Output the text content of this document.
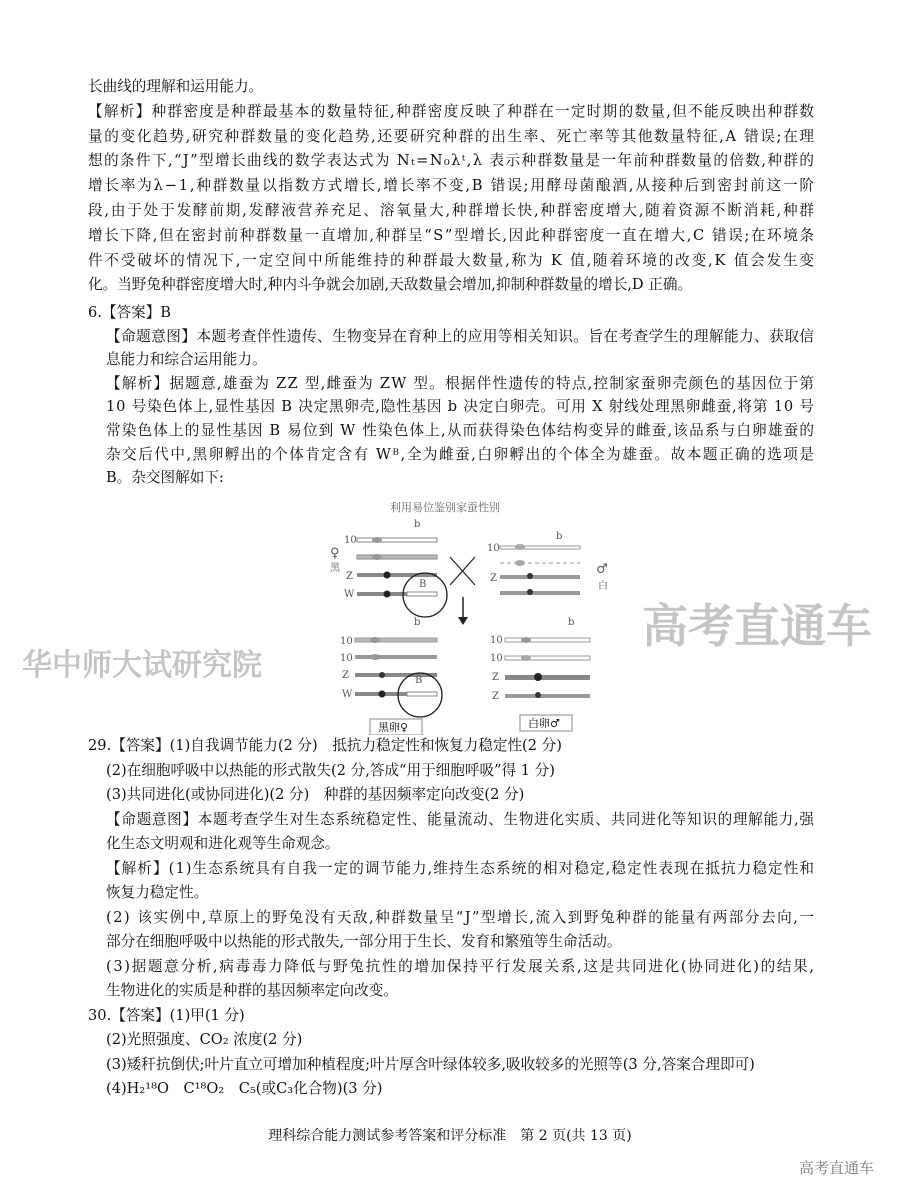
长曲线的理解和运用能力。
【解析】种群密度是种群最基本的数量特征,种群密度反映了种群在一定时期的数量,但不能反映出种群数
量的变化趋势,研究种群数量的变化趋势,还要研究种群的出生率、死亡率等其他数量特征,A 错误;在理
想的条件下,“J”型增长曲线的数学表达式为 Nₜ=N₀λᵗ,λ 表示种群数量是一年前种群数量的倍数,种群的
增长率为λ−1,种群数量以指数方式增长,增长率不变,B 错误;用酵母菌酿酒,从接种后到密封前这一阶
段,由于处于发酵前期,发酵液营养充足、溶氧量大,种群增长快,种群密度增大,随着资源不断消耗,种群
增长下降,但在密封前种群数量一直增加,种群呈“S”型增长,因此种群密度一直在增大,C 错误;在环境条
件不受破坏的情况下,一定空间中所能维持的种群最大数量,称为 K 值,随着环境的改变,K 值会发生变
化。当野兔种群密度增大时,种内斗争就会加剧,天敌数量会增加,抑制种群数量的增长,D 正确。
6.【答案】B
【命题意图】本题考查伴性遗传、生物变异在育种上的应用等相关知识。旨在考查学生的理解能力、获取信
息能力和综合运用能力。
【解析】据题意,雄蚕为 ZZ 型,雌蚕为 ZW 型。根据伴性遗传的特点,控制家蚕卵壳颜色的基因位于第
10 号染色体上,显性基因 B 决定黑卵壳,隐性基因 b 决定白卵壳。可用 X 射线处理黑卵雌蚕,将第 10 号
常染色体上的显性基因 B 易位到 W 性染色体上,从而获得染色体结构变异的雌蚕,该品系与白卵雄蚕的
杂交后代中,黑卵孵出的个体肯定含有 Wᴮ,全为雌蚕,白卵孵出的个体全为雄蚕。故本题正确的选项是
B。杂交图解如下:
高考直通车
华中师大试研究院
利用易位鉴别家蚕性别
b
10
Z
W
B
♀
黑
b
10
Z
♂
白
b
10
10
Z
W
B
黑卵♀
b
10
10
Z
Z
白卵♂
29.【答案】(1)自我调节能力(2 分)　抵抗力稳定性和恢复力稳定性(2 分)
(2)在细胞呼吸中以热能的形式散失(2 分,答成“用于细胞呼吸”得 1 分)
(3)共同进化(或协同进化)(2 分)　种群的基因频率定向改变(2 分)
【命题意图】本题考查学生对生态系统稳定性、能量流动、生物进化实质、共同进化等知识的理解能力,强
化生态文明观和进化观等生命观念。
【解析】(1)生态系统具有自我一定的调节能力,维持生态系统的相对稳定,稳定性表现在抵抗力稳定性和
恢复力稳定性。
(2) 该实例中,草原上的野兔没有天敌,种群数量呈“J”型增长,流入到野兔种群的能量有两部分去向,一
部分在细胞呼吸中以热能的形式散失,一部分用于生长、发育和繁殖等生命活动。
(3)据题意分析,病毒毒力降低与野兔抗性的增加保持平行发展关系,这是共同进化(协同进化)的结果,
生物进化的实质是种群的基因频率定向改变。
30.【答案】(1)甲(1 分)
(2)光照强度、CO₂ 浓度(2 分)
(3)矮秆抗倒伏;叶片直立可增加种植程度;叶片厚含叶绿体较多,吸收较多的光照等(3 分,答案合理即可)
(4)H₂¹⁸O　C¹⁸O₂　C₅(或C₃化合物)(3 分)
理科综合能力测试参考答案和评分标准　第 2 页(共 13 页)
高考直通车
